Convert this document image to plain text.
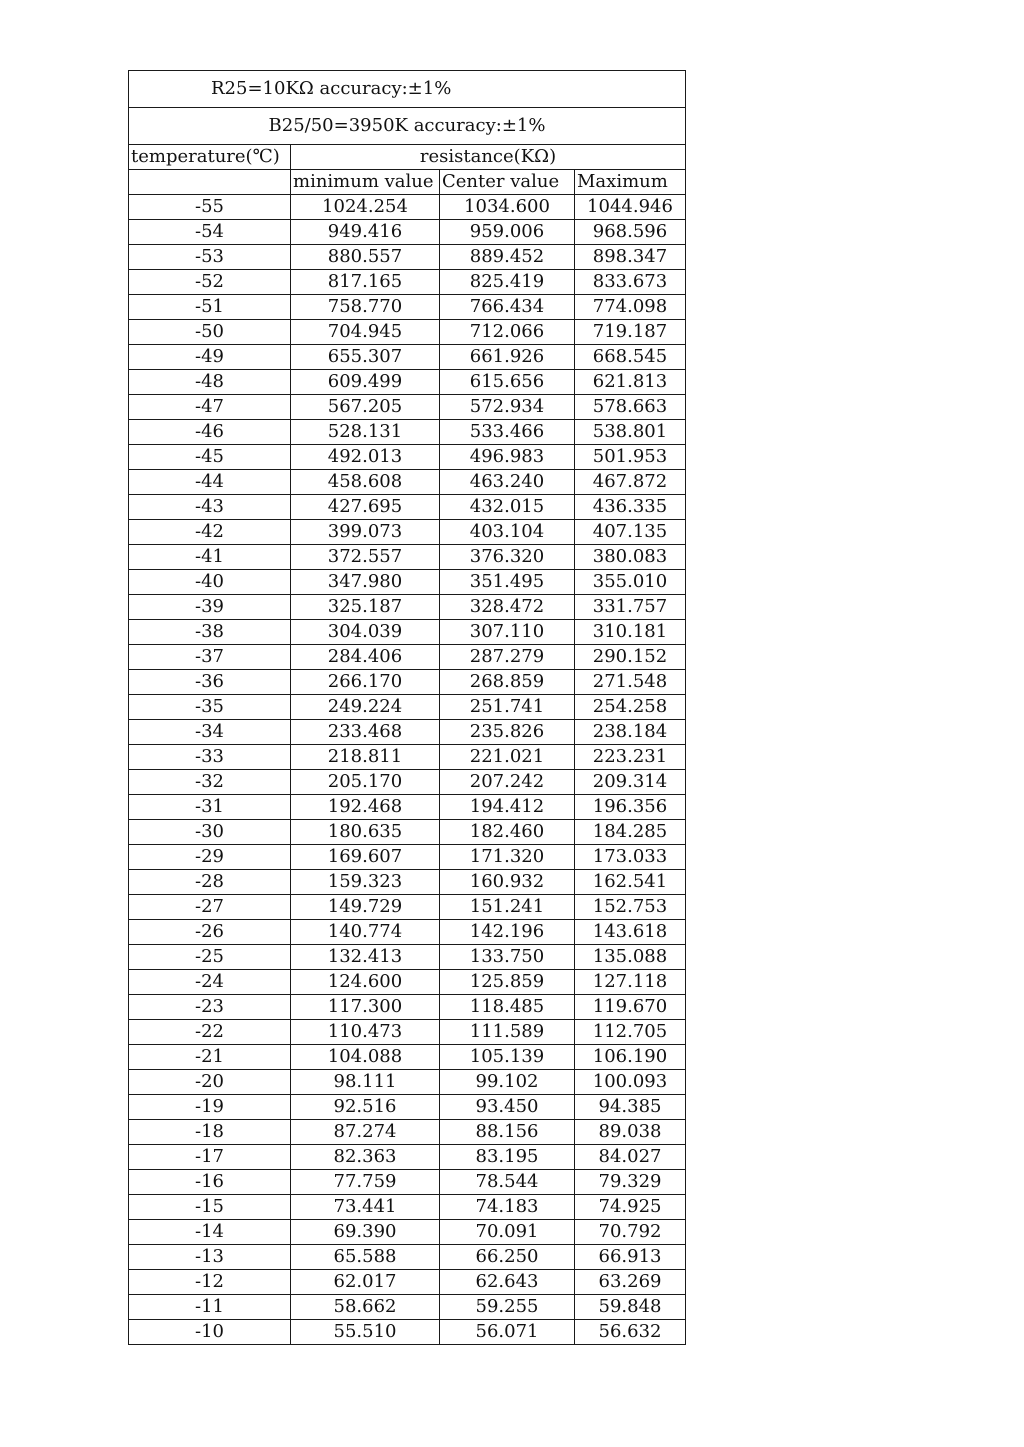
R25=10KΩ accuracy:±1%			
B25/50=3950K accuracy:±1%			
temperature(℃)	resistance(KΩ)		
	minimum value	Center value	Maximum
-55	1024.254	1034.600	1044.946
-54	949.416	959.006	968.596
-53	880.557	889.452	898.347
-52	817.165	825.419	833.673
-51	758.770	766.434	774.098
-50	704.945	712.066	719.187
-49	655.307	661.926	668.545
-48	609.499	615.656	621.813
-47	567.205	572.934	578.663
-46	528.131	533.466	538.801
-45	492.013	496.983	501.953
-44	458.608	463.240	467.872
-43	427.695	432.015	436.335
-42	399.073	403.104	407.135
-41	372.557	376.320	380.083
-40	347.980	351.495	355.010
-39	325.187	328.472	331.757
-38	304.039	307.110	310.181
-37	284.406	287.279	290.152
-36	266.170	268.859	271.548
-35	249.224	251.741	254.258
-34	233.468	235.826	238.184
-33	218.811	221.021	223.231
-32	205.170	207.242	209.314
-31	192.468	194.412	196.356
-30	180.635	182.460	184.285
-29	169.607	171.320	173.033
-28	159.323	160.932	162.541
-27	149.729	151.241	152.753
-26	140.774	142.196	143.618
-25	132.413	133.750	135.088
-24	124.600	125.859	127.118
-23	117.300	118.485	119.670
-22	110.473	111.589	112.705
-21	104.088	105.139	106.190
-20	98.111	99.102	100.093
-19	92.516	93.450	94.385
-18	87.274	88.156	89.038
-17	82.363	83.195	84.027
-16	77.759	78.544	79.329
-15	73.441	74.183	74.925
-14	69.390	70.091	70.792
-13	65.588	66.250	66.913
-12	62.017	62.643	63.269
-11	58.662	59.255	59.848
-10	55.510	56.071	56.632
